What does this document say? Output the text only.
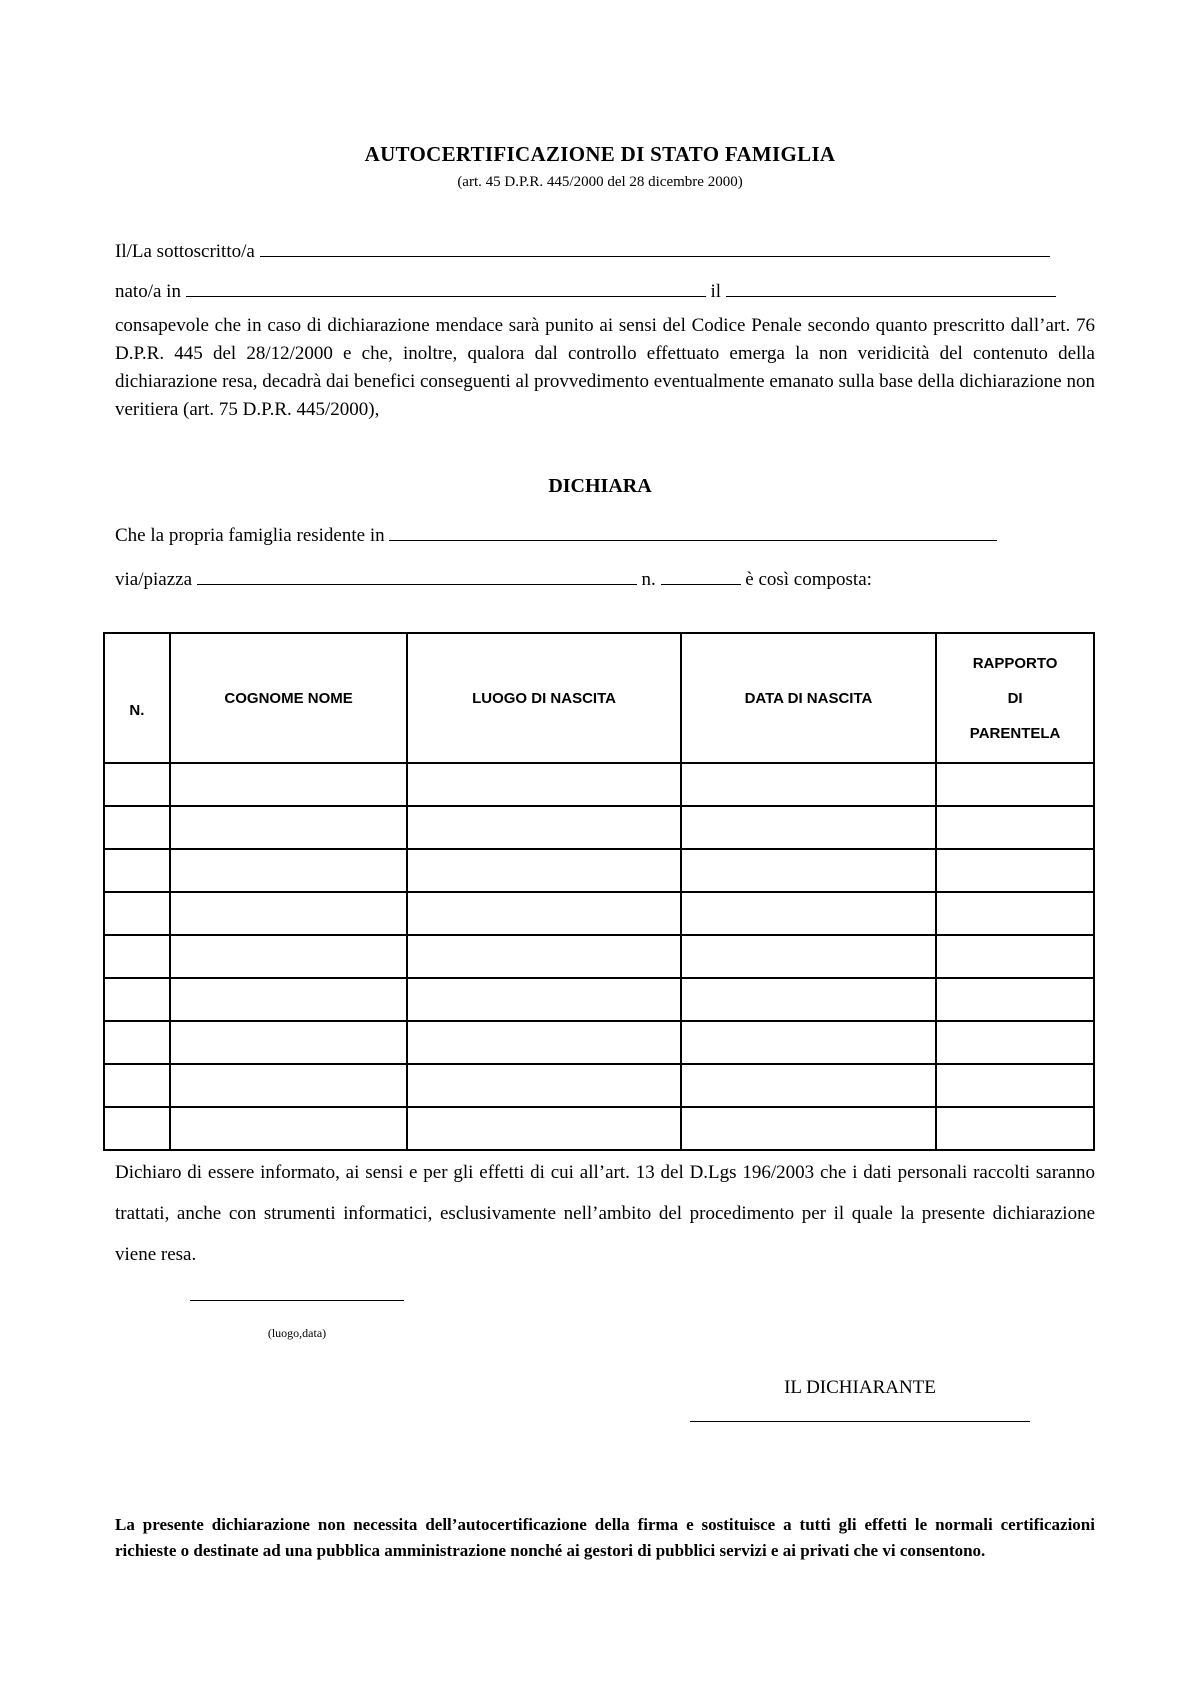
AUTOCERTIFICAZIONE DI STATO FAMIGLIA
(art. 45 D.P.R. 445/2000 del 28 dicembre 2000)
Il/La sottoscritto/a
nato/a in	il
consapevole che in caso di dichiarazione mendace sarà punito ai sensi del Codice Penale secondo quanto prescritto dall’art. 76 D.P.R. 445 del 28/12/2000 e che, inoltre, qualora dal controllo effettuato emerga la non veridicità del contenuto della dichiarazione resa, decadrà dai benefici conseguenti al provvedimento eventualmente emanato sulla base della dichiarazione non veritiera (art. 75 D.P.R. 445/2000),
DICHIARA
Che la propria famiglia residente in
via/piazza	n.	è così composta:
N.	COGNOME NOME	LUOGO DI NASCITA	DATA DI NASCITA	RAPPORTO
DI
PARENTELA

Dichiaro di essere informato, ai sensi e per gli effetti di cui all’art. 13 del D.Lgs 196/2003 che i dati personali raccolti saranno trattati, anche con strumenti informatici, esclusivamente nell’ambito del procedimento per il quale la presente dichiarazione viene resa.
(luogo,data)
IL DICHIARANTE
La presente dichiarazione non necessita dell’autocertificazione della firma e sostituisce a tutti gli effetti le normali certificazioni richieste o destinate ad una pubblica amministrazione nonché ai gestori di pubblici servizi e ai privati che vi consentono.
